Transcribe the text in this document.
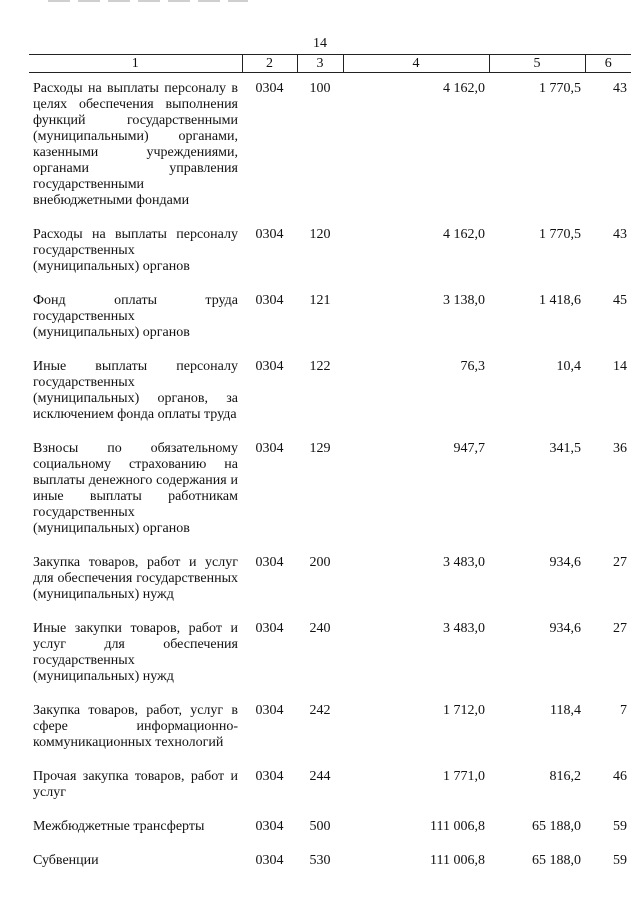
14
1	2	3	4	5	6
Расходы на выплаты персоналу в целях обеспечения выполнения функций государственными (муниципальными) органами, казенными учреждениями, органами управления государственными внебюджетными фондами	0304	100	4 162,0	1 770,5	43
Расходы на выплаты персоналу государственных (муниципальных) органов	0304	120	4 162,0	1 770,5	43
Фонд оплаты труда государственных (муниципальных) органов	0304	121	3 138,0	1 418,6	45
Иные выплаты персоналу государственных (муниципальных) органов, за исключением фонда оплаты труда	0304	122	76,3	10,4	14
Взносы по обязательному социальному страхованию на выплаты денежного содержания и иные выплаты работникам государственных (муниципальных) органов	0304	129	947,7	341,5	36
Закупка товаров, работ и услуг для обеспечения государственных (муниципальных) нужд	0304	200	3 483,0	934,6	27
Иные закупки товаров, работ и услуг для обеспечения государственных (муниципальных) нужд	0304	240	3 483,0	934,6	27
Закупка товаров, работ, услуг в сфере информационно-коммуникационных технологий	0304	242	1 712,0	118,4	7
Прочая закупка товаров, работ и услуг	0304	244	1 771,0	816,2	46
Межбюджетные трансферты	0304	500	111 006,8	65 188,0	59
Субвенции	0304	530	111 006,8	65 188,0	59
